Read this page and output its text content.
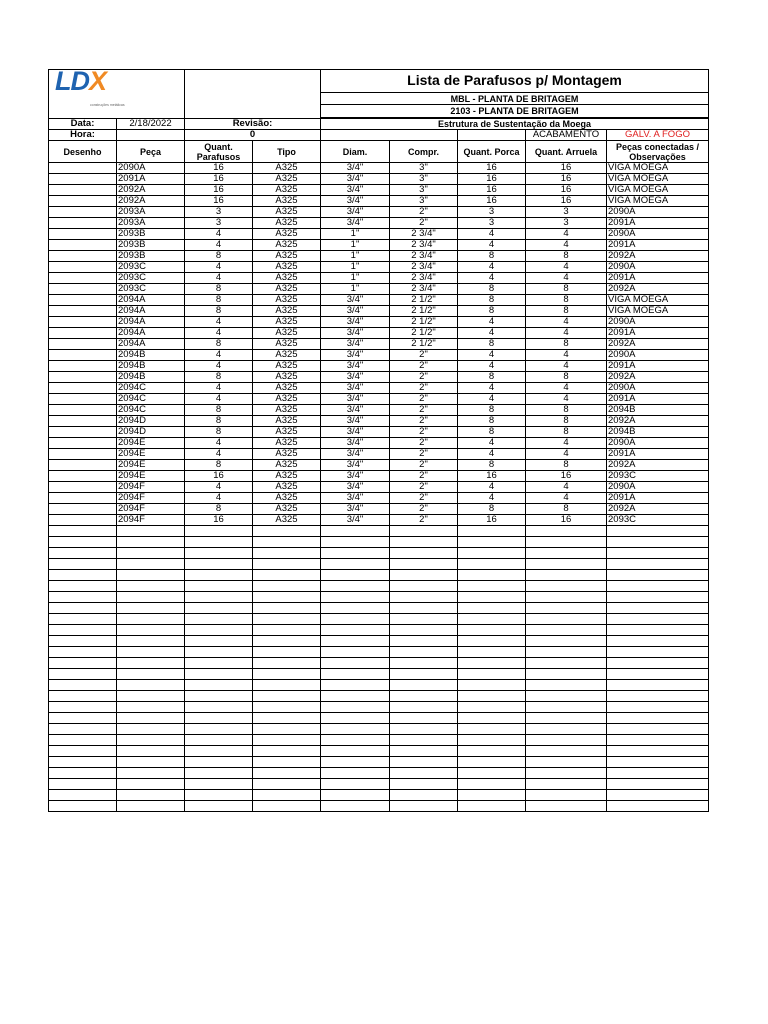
LDX
construções metálicas				Lista de Parafusos p/ Montagem				
				MBL - PLANTA DE BRITAGEM				
				2103 - PLANTA DE BRITAGEM				

Data:	2/18/2022	Revisão:		Estrutura de Sustentação da Moega				
Hora:		0					ACABAMENTO	GALV. A FOGO
Desenho	Peça	Quant. Parafusos	Tipo	Diam.	Compr.	Quant. Porca	Quant. Arruela	Peças conectadas / Observações
	2090A	16	A325	3/4"	3"	16	16	VIGA MOEGA
	2091A	16	A325	3/4"	3"	16	16	VIGA MOEGA
	2092A	16	A325	3/4"	3"	16	16	VIGA MOEGA
	2092A	16	A325	3/4"	3"	16	16	VIGA MOEGA
	2093A	3	A325	3/4"	2"	3	3	2090A
	2093A	3	A325	3/4"	2"	3	3	2091A
	2093B	4	A325	1"	2 3/4"	4	4	2090A
	2093B	4	A325	1"	2 3/4"	4	4	2091A
	2093B	8	A325	1"	2 3/4"	8	8	2092A
	2093C	4	A325	1"	2 3/4"	4	4	2090A
	2093C	4	A325	1"	2 3/4"	4	4	2091A
	2093C	8	A325	1"	2 3/4"	8	8	2092A
	2094A	8	A325	3/4"	2 1/2"	8	8	VIGA MOEGA
	2094A	8	A325	3/4"	2 1/2"	8	8	VIGA MOEGA
	2094A	4	A325	3/4"	2 1/2"	4	4	2090A
	2094A	4	A325	3/4"	2 1/2"	4	4	2091A
	2094A	8	A325	3/4"	2 1/2"	8	8	2092A
	2094B	4	A325	3/4"	2"	4	4	2090A
	2094B	4	A325	3/4"	2"	4	4	2091A
	2094B	8	A325	3/4"	2"	8	8	2092A
	2094C	4	A325	3/4"	2"	4	4	2090A
	2094C	4	A325	3/4"	2"	4	4	2091A
	2094C	8	A325	3/4"	2"	8	8	2094B
	2094D	8	A325	3/4"	2"	8	8	2092A
	2094D	8	A325	3/4"	2"	8	8	2094B
	2094E	4	A325	3/4"	2"	4	4	2090A
	2094E	4	A325	3/4"	2"	4	4	2091A
	2094E	8	A325	3/4"	2"	8	8	2092A
	2094E	16	A325	3/4"	2"	16	16	2093C
	2094F	4	A325	3/4"	2"	4	4	2090A
	2094F	4	A325	3/4"	2"	4	4	2091A
	2094F	8	A325	3/4"	2"	8	8	2092A
	2094F	16	A325	3/4"	2"	16	16	2093C
